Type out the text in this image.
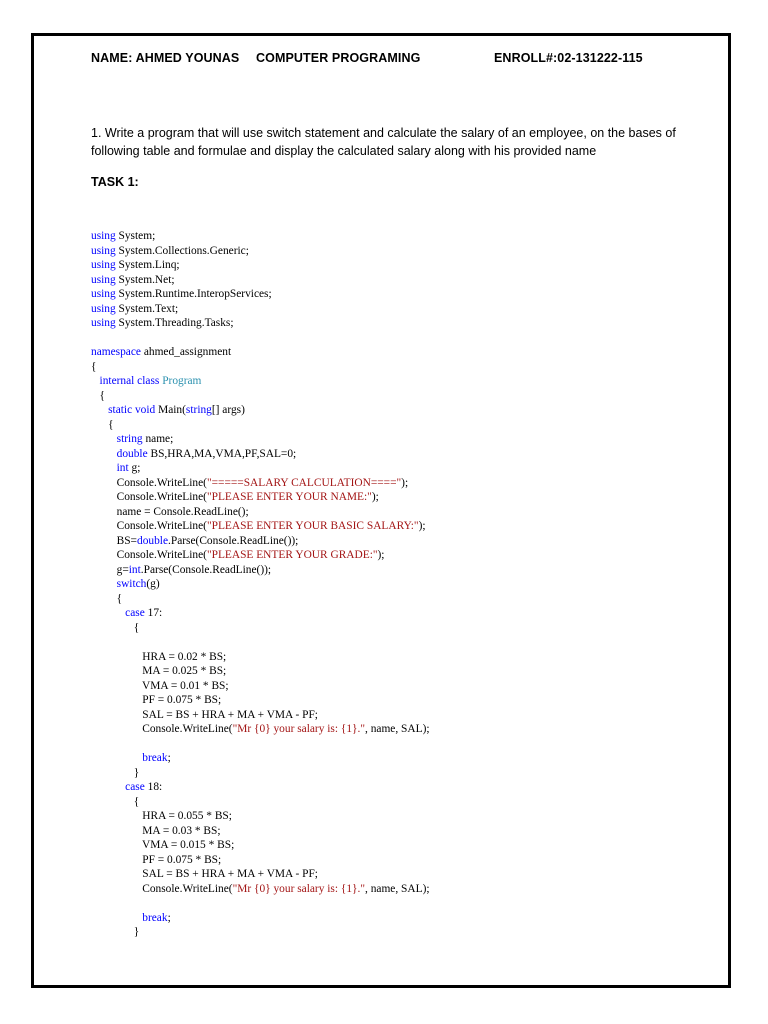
NAME: AHMED YOUNAS COMPUTER PROGRAMING	ENROLL#:02-131222-115
1. Write a program that will use switch statement and calculate the salary of an employee, on the bases of following table and formulae and display the calculated salary along with his provided name
TASK 1:
using System;
using System.Collections.Generic;
using System.Linq;
using System.Net;
using System.Runtime.InteropServices;
using System.Text;
using System.Threading.Tasks;
namespace ahmed_assignment
{
internal class Program
{
static void Main(string[] args)
{
string name;
double BS,HRA,MA,VMA,PF,SAL=0;
int g;
Console.WriteLine("=====SALARY CALCULATION====");
Console.WriteLine("PLEASE ENTER YOUR NAME:");
name = Console.ReadLine();
Console.WriteLine("PLEASE ENTER YOUR BASIC SALARY:");
BS=double.Parse(Console.ReadLine());
Console.WriteLine("PLEASE ENTER YOUR GRADE:");
g=int.Parse(Console.ReadLine());
switch(g)
{
case 17:
{
HRA = 0.02 * BS;
MA = 0.025 * BS;
VMA = 0.01 * BS;
PF = 0.075 * BS;
SAL = BS + HRA + MA + VMA - PF;
Console.WriteLine("Mr {0} your salary is: {1}.", name, SAL);
break;
}
case 18:
{
HRA = 0.055 * BS;
MA = 0.03 * BS;
VMA = 0.015 * BS;
PF = 0.075 * BS;
SAL = BS + HRA + MA + VMA - PF;
Console.WriteLine("Mr {0} your salary is: {1}.", name, SAL);
break;
}
